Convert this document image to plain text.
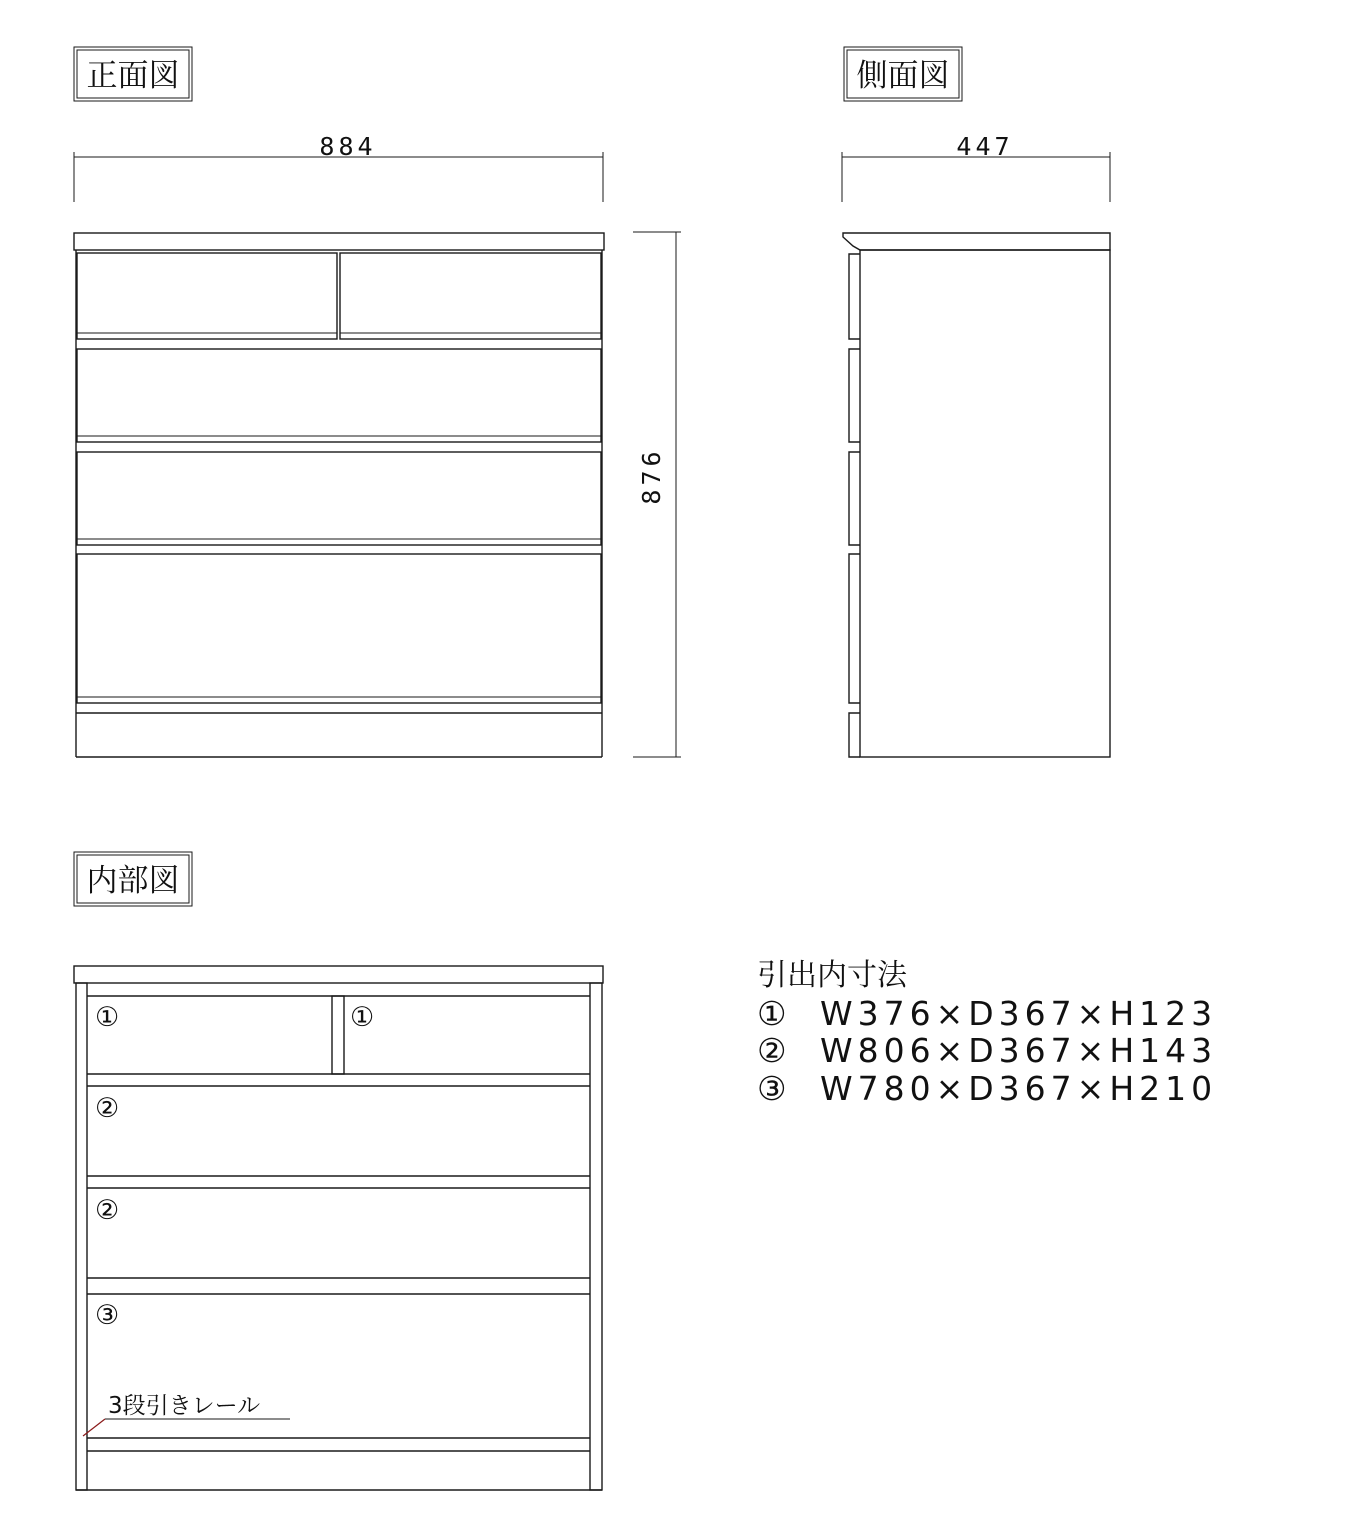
正面図	側面図
内部図
884	447
876
①	①
②
②
③
3段引きレール
引出内寸法
① W376×D367×H123
② W806×D367×H143
③ W780×D367×H210
